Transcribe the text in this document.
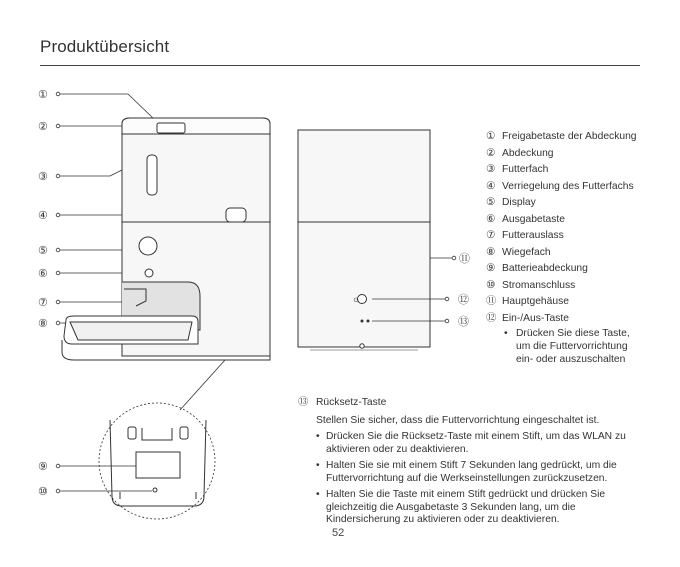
Produktübersicht
⏻
①
②
③
④
⑤
⑥
⑦
⑧
⑨
⑩
⑪
⑫
⑬
① Freigabetaste der Abdeckung
② Abdeckung
③ Futterfach
④ Verriegelung des Futterfachs
⑤ Display
⑥ Ausgabetaste
⑦ Futterauslass
⑧ Wiegefach
⑨ Batterieabdeckung
⑩ Stromanschluss
⑪ Hauptgehäuse
⑫ Ein-/Aus-Taste
• Drücken Sie diese Taste, um die Futtervorrichtung ein- oder auszuschalten
⑬ Rücksetz-Taste
Stellen Sie sicher, dass die Futtervorrichtung eingeschaltet ist.
• Drücken Sie die Rücksetz-Taste mit einem Stift, um das WLAN zu aktivieren oder zu deaktivieren.
• Halten Sie sie mit einem Stift 7 Sekunden lang gedrückt, um die Futtervorrichtung auf die Werkseinstellungen zurückzusetzen.
• Halten Sie die Taste mit einem Stift gedrückt und drücken Sie gleichzeitig die Ausgabetaste 3 Sekunden lang, um die Kindersicherung zu aktivieren oder zu deaktivieren.
52
